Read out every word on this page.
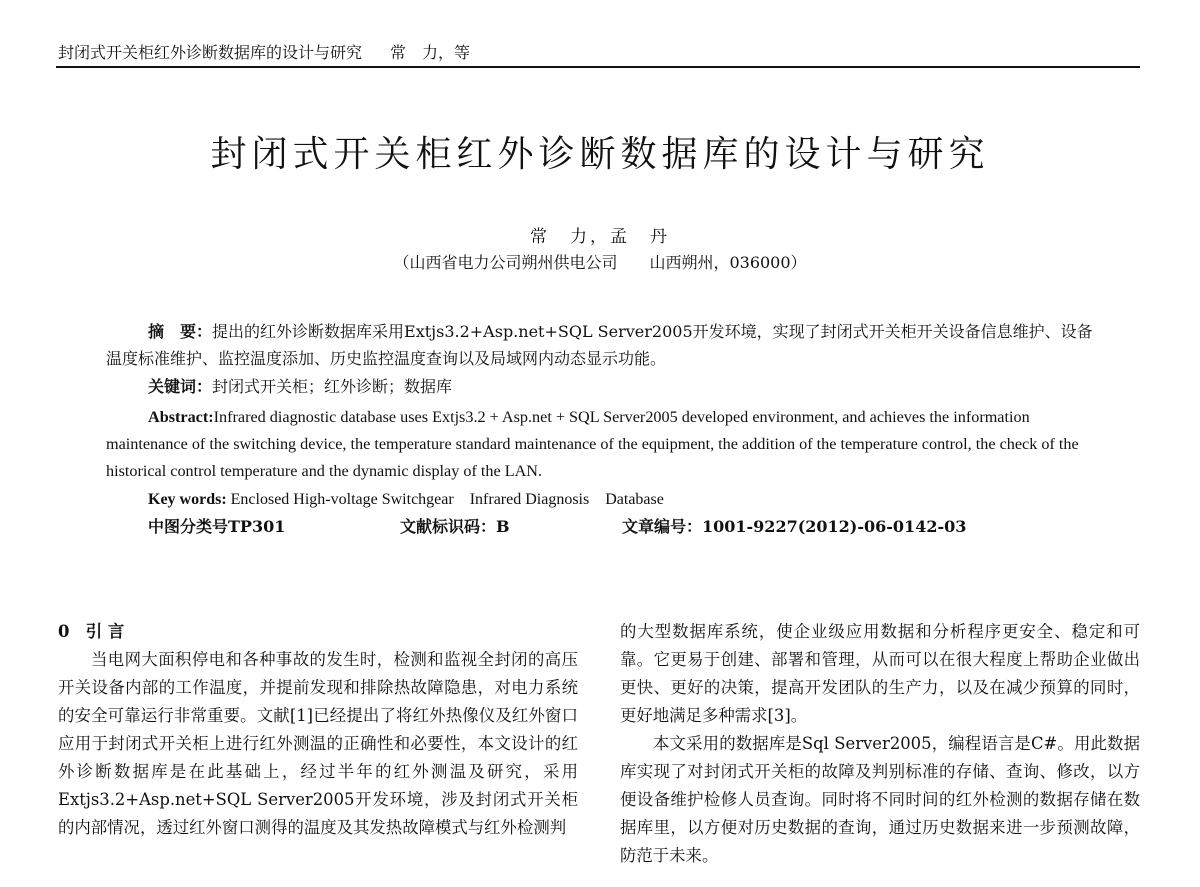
封闭式开关柜红外诊断数据库的设计与研究 常　力，等
封闭式开关柜红外诊断数据库的设计与研究
常　力，孟　丹
（山西省电力公司朔州供电公司　　山西朔州，036000）
摘　要：提出的红外诊断数据库采用Extjs3.2+Asp.net+SQL Server2005开发环境，实现了封闭式开关柜开关设备信息维护、设备温度标准维护、监控温度添加、历史监控温度查询以及局域网内动态显示功能。
关键词：封闭式开关柜；红外诊断；数据库
Abstract:Infrared diagnostic database uses Extjs3.2 + Asp.net + SQL Server2005 developed environment, and achieves the information maintenance of the switching device, the temperature standard maintenance of the equipment, the addition of the temperature control, the check of the historical control temperature and the dynamic display of the LAN.
Key words: Enclosed High-voltage Switchgear　Infrared Diagnosis　Database
中图分类号TP301	文献标识码：B	文章编号：1001-9227(2012)-06-0142-03
0　引 言

当电网大面积停电和各种事故的发生时，检测和监视全封闭的高压开关设备内部的工作温度，并提前发现和排除热故障隐患，对电力系统的安全可靠运行非常重要。文献[1]已经提出了将红外热像仪及红外窗口应用于封闭式开关柜上进行红外测温的正确性和必要性，本文设计的红外诊断数据库是在此基础上，经过半年的红外测温及研究，采用Extjs3.2+Asp.net+SQL Server2005开发环境，涉及封闭式开关柜的内部情况，透过红外窗口测得的温度及其发热故障模式与红外检测判

的大型数据库系统，使企业级应用数据和分析程序更安全、稳定和可靠。它更易于创建、部署和管理，从而可以在很大程度上帮助企业做出更快、更好的决策，提高开发团队的生产力，以及在减少预算的同时，更好地满足多种需求[3]。

本文采用的数据库是Sql Server2005，编程语言是C#。用此数据库实现了对封闭式开关柜的故障及判别标准的存储、查询、修改，以方便设备维护检修人员查询。同时将不同时间的红外检测的数据存储在数据库里，以方便对历史数据的查询，通过历史数据来进一步预测故障，防范于未来。
